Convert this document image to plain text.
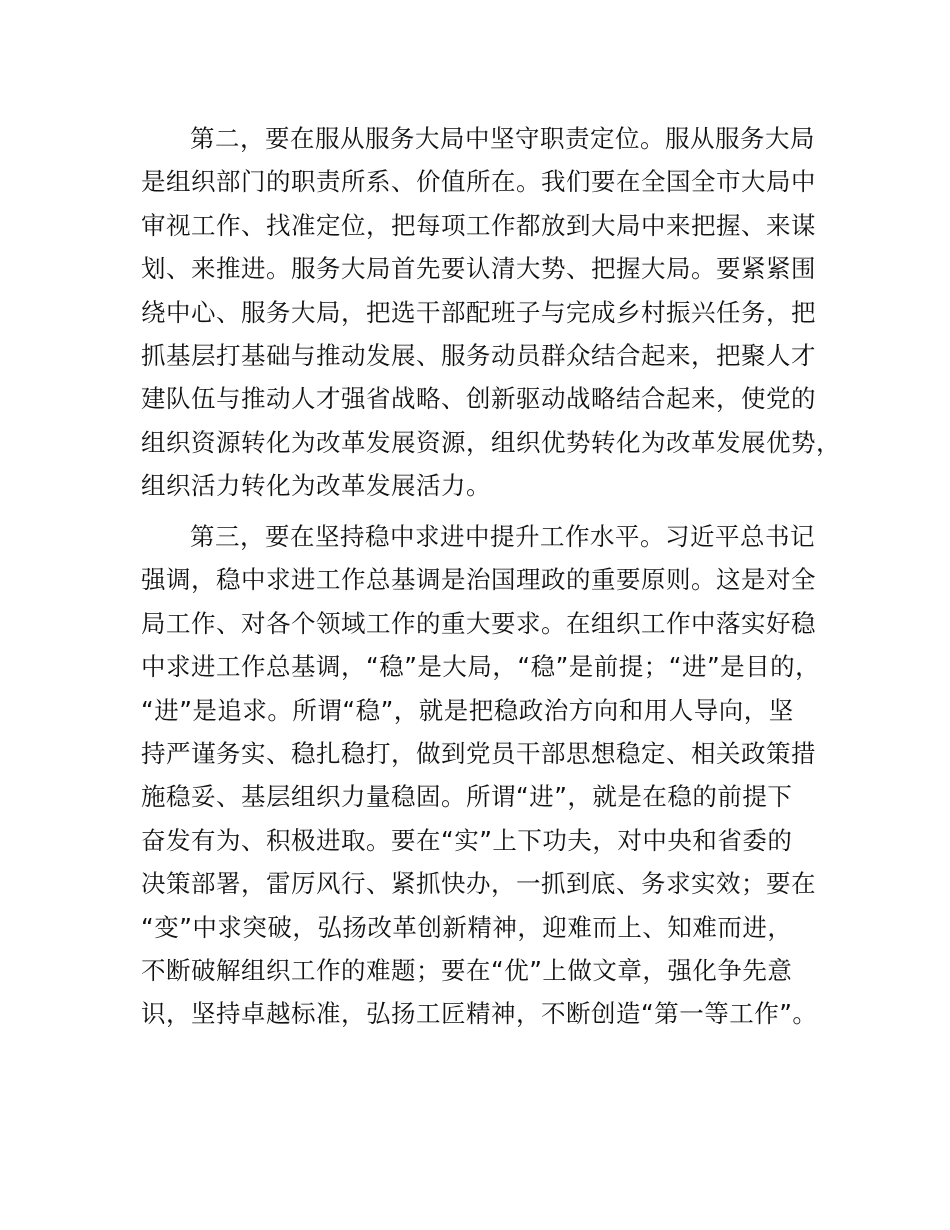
第二，要在服从服务大局中坚守职责定位。服从服务大局
是组织部门的职责所系、价值所在。我们要在全国全市大局中
审视工作、找准定位，把每项工作都放到大局中来把握、来谋
划、来推进。服务大局首先要认清大势、把握大局。要紧紧围
绕中心、服务大局，把选干部配班子与完成乡村振兴任务，把
抓基层打基础与推动发展、服务动员群众结合起来，把聚人才
建队伍与推动人才强省战略、创新驱动战略结合起来，使党的
组织资源转化为改革发展资源，组织优势转化为改革发展优势，
组织活力转化为改革发展活力。

第三，要在坚持稳中求进中提升工作水平。习近平总书记
强调，稳中求进工作总基调是治国理政的重要原则。这是对全
局工作、对各个领域工作的重大要求。在组织工作中落实好稳
中求进工作总基调，“稳”是大局，“稳”是前提；“进”是目的，
“进”是追求。所谓“稳”，就是把稳政治方向和用人导向，坚
持严谨务实、稳扎稳打，做到党员干部思想稳定、相关政策措
施稳妥、基层组织力量稳固。所谓“进”，就是在稳的前提下
奋发有为、积极进取。要在“实”上下功夫，对中央和省委的
决策部署，雷厉风行、紧抓快办，一抓到底、务求实效；要在
“变”中求突破，弘扬改革创新精神，迎难而上、知难而进，
不断破解组织工作的难题；要在“优”上做文章，强化争先意
识，坚持卓越标准，弘扬工匠精神，不断创造“第一等工作”。
